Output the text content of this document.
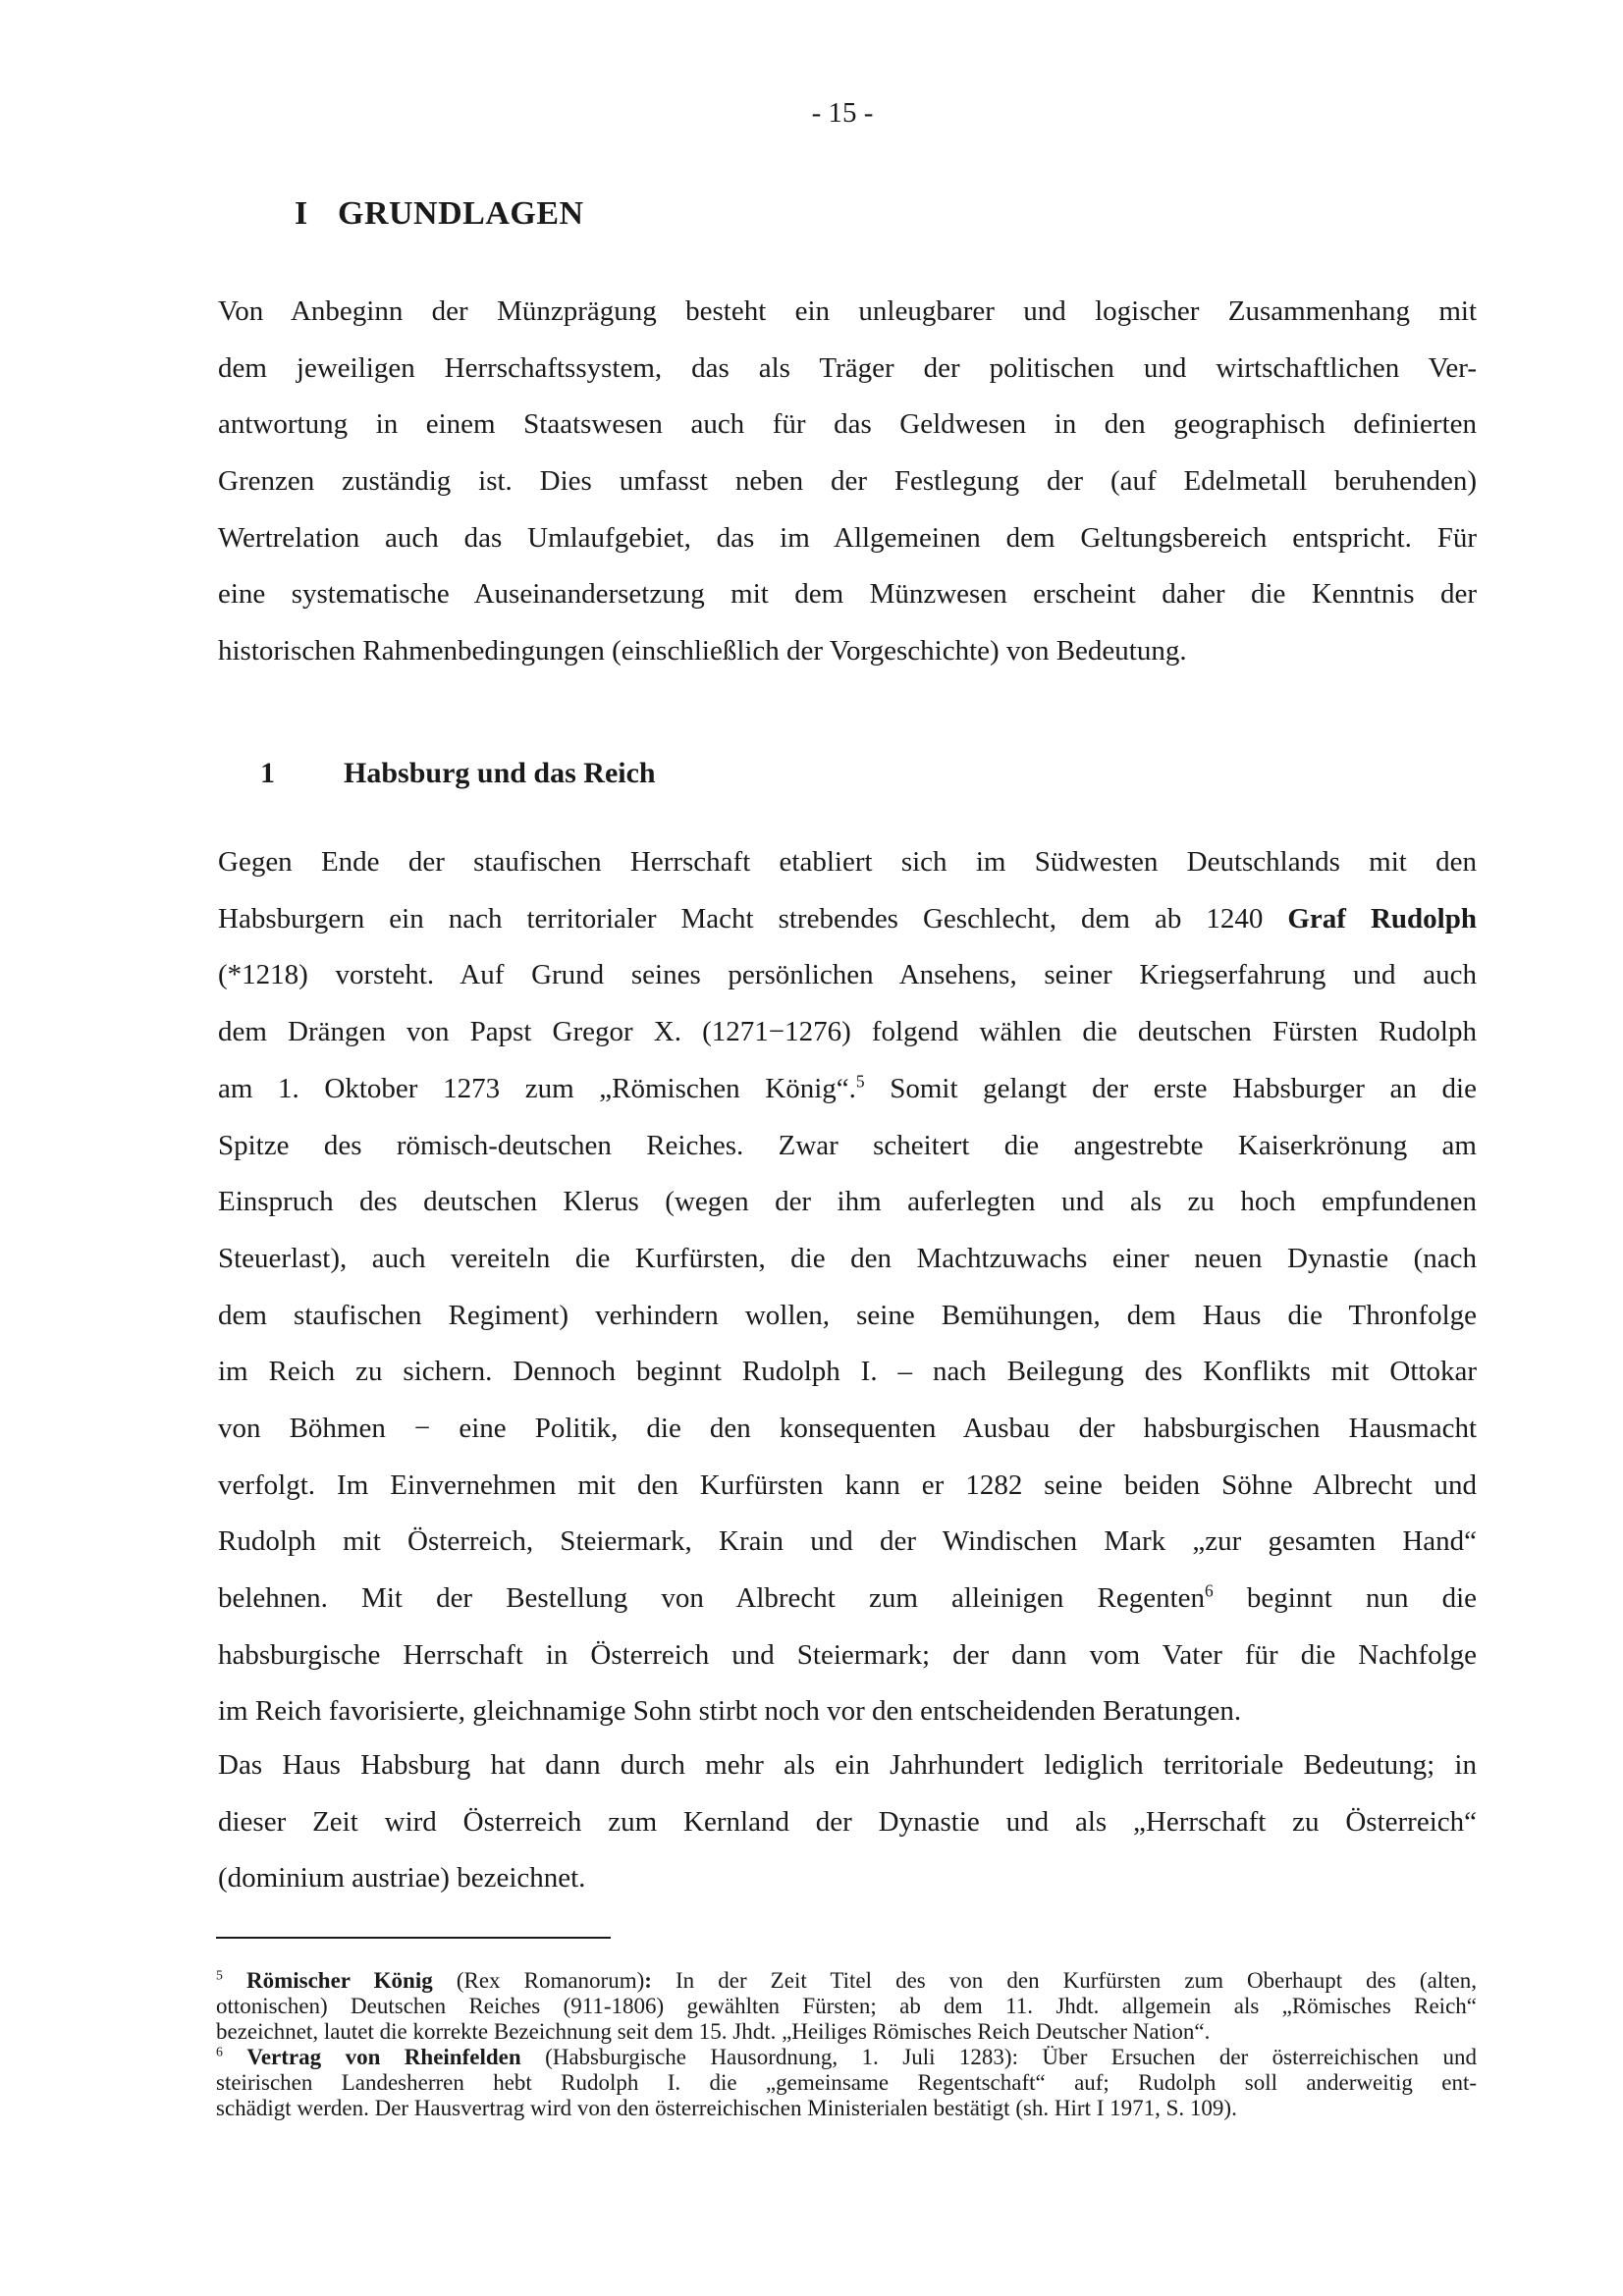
- 15 -
I GRUNDLAGEN
Von Anbeginn der Münzprägung besteht ein unleugbarer und logischer Zusammenhang mit
dem jeweiligen Herrschaftssystem, das als Träger der politischen und wirtschaftlichen Ver-
antwortung in einem Staatswesen auch für das Geldwesen in den geographisch definierten
Grenzen zuständig ist. Dies umfasst neben der Festlegung der (auf Edelmetall beruhenden)
Wertrelation auch das Umlaufgebiet, das im Allgemeinen dem Geltungsbereich entspricht. Für
eine systematische Auseinandersetzung mit dem Münzwesen erscheint daher die Kenntnis der
historischen Rahmenbedingungen (einschließlich der Vorgeschichte) von Bedeutung.
1 Habsburg und das Reich
Gegen Ende der staufischen Herrschaft etabliert sich im Südwesten Deutschlands mit den
Habsburgern ein nach territorialer Macht strebendes Geschlecht, dem ab 1240 Graf Rudolph
(*1218) vorsteht. Auf Grund seines persönlichen Ansehens, seiner Kriegserfahrung und auch
dem Drängen von Papst Gregor X. (1271−1276) folgend wählen die deutschen Fürsten Rudolph
am 1. Oktober 1273 zum „Römischen König“.$^5$ Somit gelangt der erste Habsburger an die
Spitze des römisch-deutschen Reiches. Zwar scheitert die angestrebte Kaiserkrönung am
Einspruch des deutschen Klerus (wegen der ihm auferlegten und als zu hoch empfundenen
Steuerlast), auch vereiteln die Kurfürsten, die den Machtzuwachs einer neuen Dynastie (nach
dem staufischen Regiment) verhindern wollen, seine Bemühungen, dem Haus die Thronfolge
im Reich zu sichern. Dennoch beginnt Rudolph I. – nach Beilegung des Konflikts mit Ottokar
von Böhmen − eine Politik, die den konsequenten Ausbau der habsburgischen Hausmacht
verfolgt. Im Einvernehmen mit den Kurfürsten kann er 1282 seine beiden Söhne Albrecht und
Rudolph mit Österreich, Steiermark, Krain und der Windischen Mark „zur gesamten Hand“
belehnen. Mit der Bestellung von Albrecht zum alleinigen Regenten$^6$ beginnt nun die
habsburgische Herrschaft in Österreich und Steiermark; der dann vom Vater für die Nachfolge
im Reich favorisierte, gleichnamige Sohn stirbt noch vor den entscheidenden Beratungen.
Das Haus Habsburg hat dann durch mehr als ein Jahrhundert lediglich territoriale Bedeutung; in
dieser Zeit wird Österreich zum Kernland der Dynastie und als „Herrschaft zu Österreich“
(dominium austriae) bezeichnet.
$^5$ Römischer König (Rex Romanorum): In der Zeit Titel des von den Kurfürsten zum Oberhaupt des (alten,
ottonischen) Deutschen Reiches (911-1806) gewählten Fürsten; ab dem 11. Jhdt. allgemein als „Römisches Reich“
bezeichnet, lautet die korrekte Bezeichnung seit dem 15. Jhdt. „Heiliges Römisches Reich Deutscher Nation“.
$^6$ Vertrag von Rheinfelden (Habsburgische Hausordnung, 1. Juli 1283): Über Ersuchen der österreichischen und
steirischen Landesherren hebt Rudolph I. die „gemeinsame Regentschaft“ auf; Rudolph soll anderweitig ent-
schädigt werden. Der Hausvertrag wird von den österreichischen Ministerialen bestätigt (sh. Hirt I 1971, S. 109).
